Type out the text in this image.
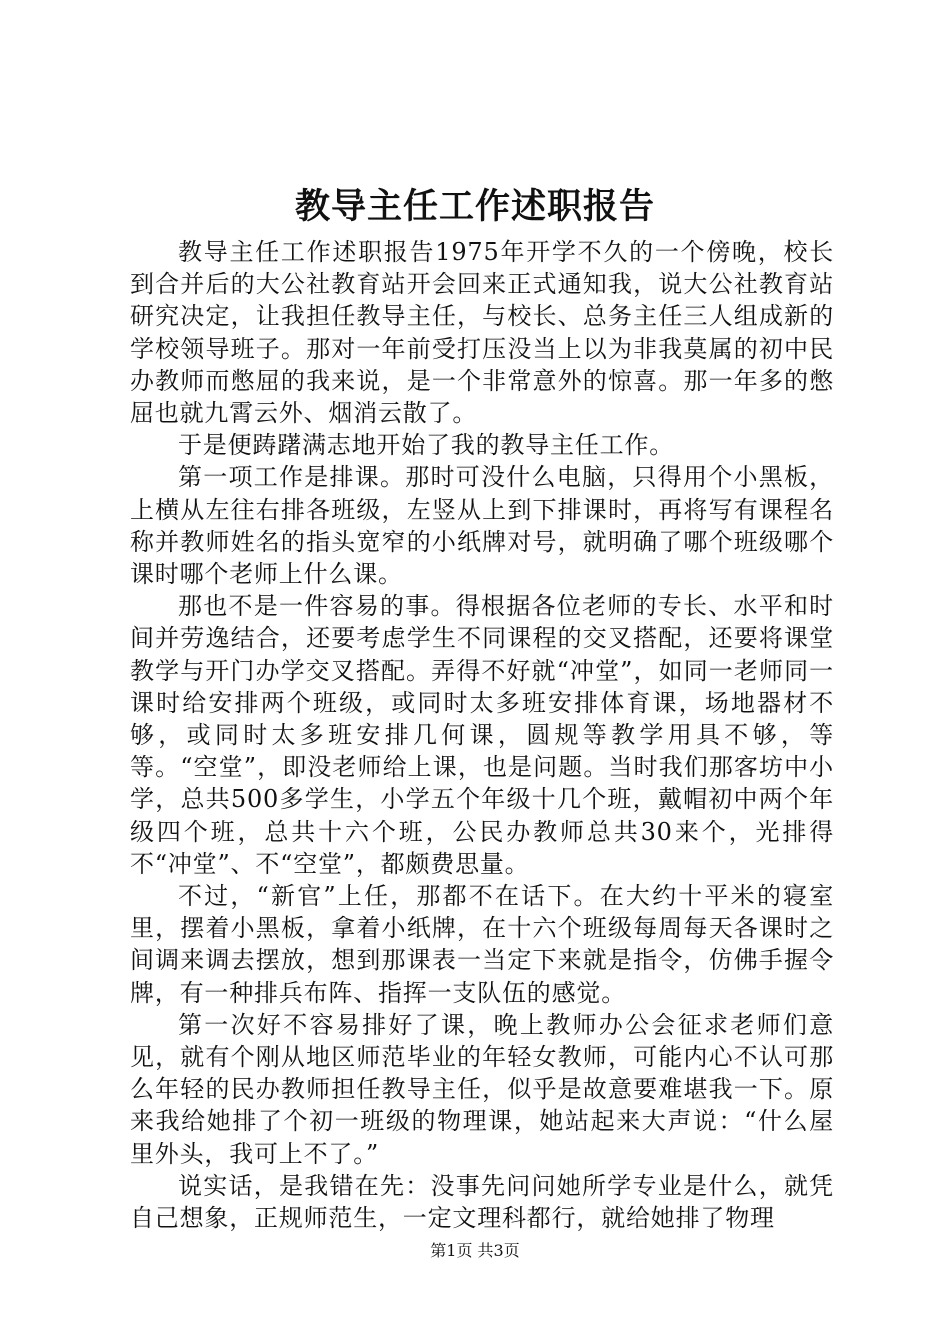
教导主任工作述职报告

教导主任工作述职报告1975年开学不久的一个傍晚，校长到合并后的大公社教育站开会回来正式通知我，说大公社教育站研究决定，让我担任教导主任，与校长、总务主任三人组成新的学校领导班子。那对一年前受打压没当上以为非我莫属的初中民办教师而憋屈的我来说，是一个非常意外的惊喜。那一年多的憋屈也就九霄云外、烟消云散了。

于是便踌躇满志地开始了我的教导主任工作。

第一项工作是排课。那时可没什么电脑，只得用个小黑板，上横从左往右排各班级，左竖从上到下排课时，再将写有课程名称并教师姓名的指头宽窄的小纸牌对号，就明确了哪个班级哪个课时哪个老师上什么课。

那也不是一件容易的事。得根据各位老师的专长、水平和时间并劳逸结合，还要考虑学生不同课程的交叉搭配，还要将课堂教学与开门办学交叉搭配。弄得不好就“冲堂”，如同一老师同一课时给安排两个班级，或同时太多班安排体育课，场地器材不够，或同时太多班安排几何课，圆规等教学用具不够，等等。“空堂”，即没老师给上课，也是问题。当时我们那客坊中小学，总共500多学生，小学五个年级十几个班，戴帽初中两个年级四个班，总共十六个班，公民办教师总共30来个，光排得不“冲堂”、不“空堂”，都颇费思量。

不过，“新官”上任，那都不在话下。在大约十平米的寝室里，摆着小黑板，拿着小纸牌，在十六个班级每周每天各课时之间调来调去摆放，想到那课表一当定下来就是指令，仿佛手握令牌，有一种排兵布阵、指挥一支队伍的感觉。

第一次好不容易排好了课，晚上教师办公会征求老师们意见，就有个刚从地区师范毕业的年轻女教师，可能内心不认可那么年轻的民办教师担任教导主任，似乎是故意要难堪我一下。原来我给她排了个初一班级的物理课，她站起来大声说：“什么屋里外头，我可上不了。”

说实话，是我错在先：没事先问问她所学专业是什么，就凭自己想象，正规师范生，一定文理科都行，就给她排了物理

第1页 共3页
